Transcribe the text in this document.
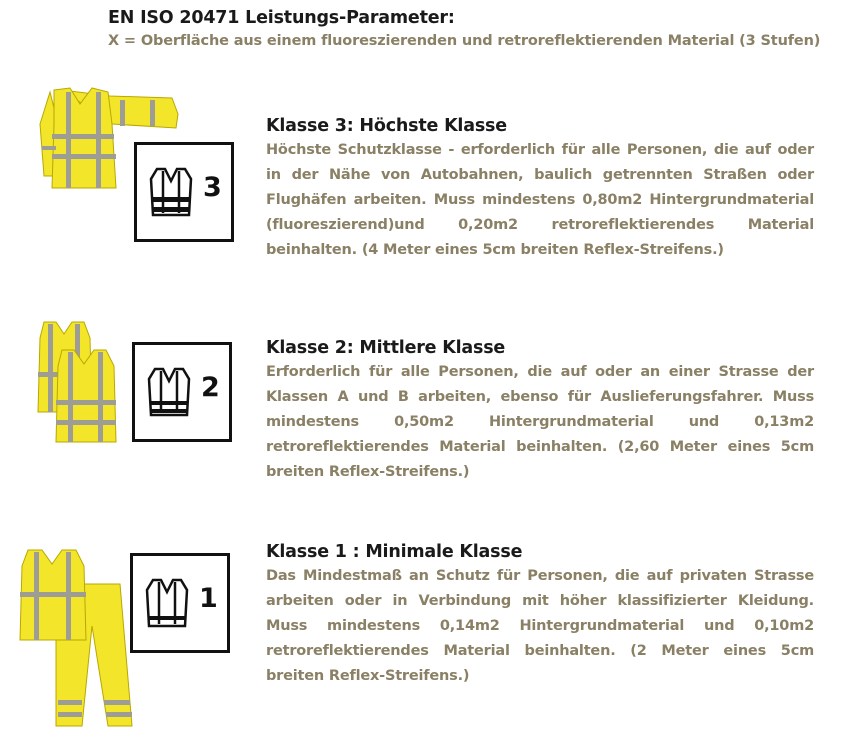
EN ISO 20471 Leistungs-Parameter:
X = Oberfläche aus einem fluoreszierenden und retroreflektierenden Material (3 Stufen)
3
Klasse 3: Höchste Klasse

Höchste Schutzklasse - erforderlich für alle Personen, die auf oder in der Nähe von Autobahnen, baulich getrennten Straßen oder Flughäfen arbeiten. Muss mindestens 0,80m2 Hintergrundmaterial (fluoreszierend)und 0,20m2 retroreflektierendes Material beinhalten. (4 Meter eines 5cm breiten Reflex-Streifens.)

2
Klasse 2: Mittlere Klasse

Erforderlich für alle Personen, die auf oder an einer Strasse der Klassen A und B arbeiten, ebenso für Auslieferungsfahrer. Muss mindestens 0,50m2 Hintergrundmaterial und 0,13m2 retroreflektierendes Material beinhalten. (2,60 Meter eines 5cm breiten Reflex-Streifens.)

1
Klasse 1 : Minimale Klasse

Das Mindestmaß an Schutz für Personen, die auf privaten Strasse arbeiten oder in Verbindung mit höher klassifizierter Kleidung. Muss mindestens 0,14m2 Hintergrundmaterial und 0,10m2 retroreflektierendes Material beinhalten. (2 Meter eines 5cm breiten Reflex-Streifens.)
